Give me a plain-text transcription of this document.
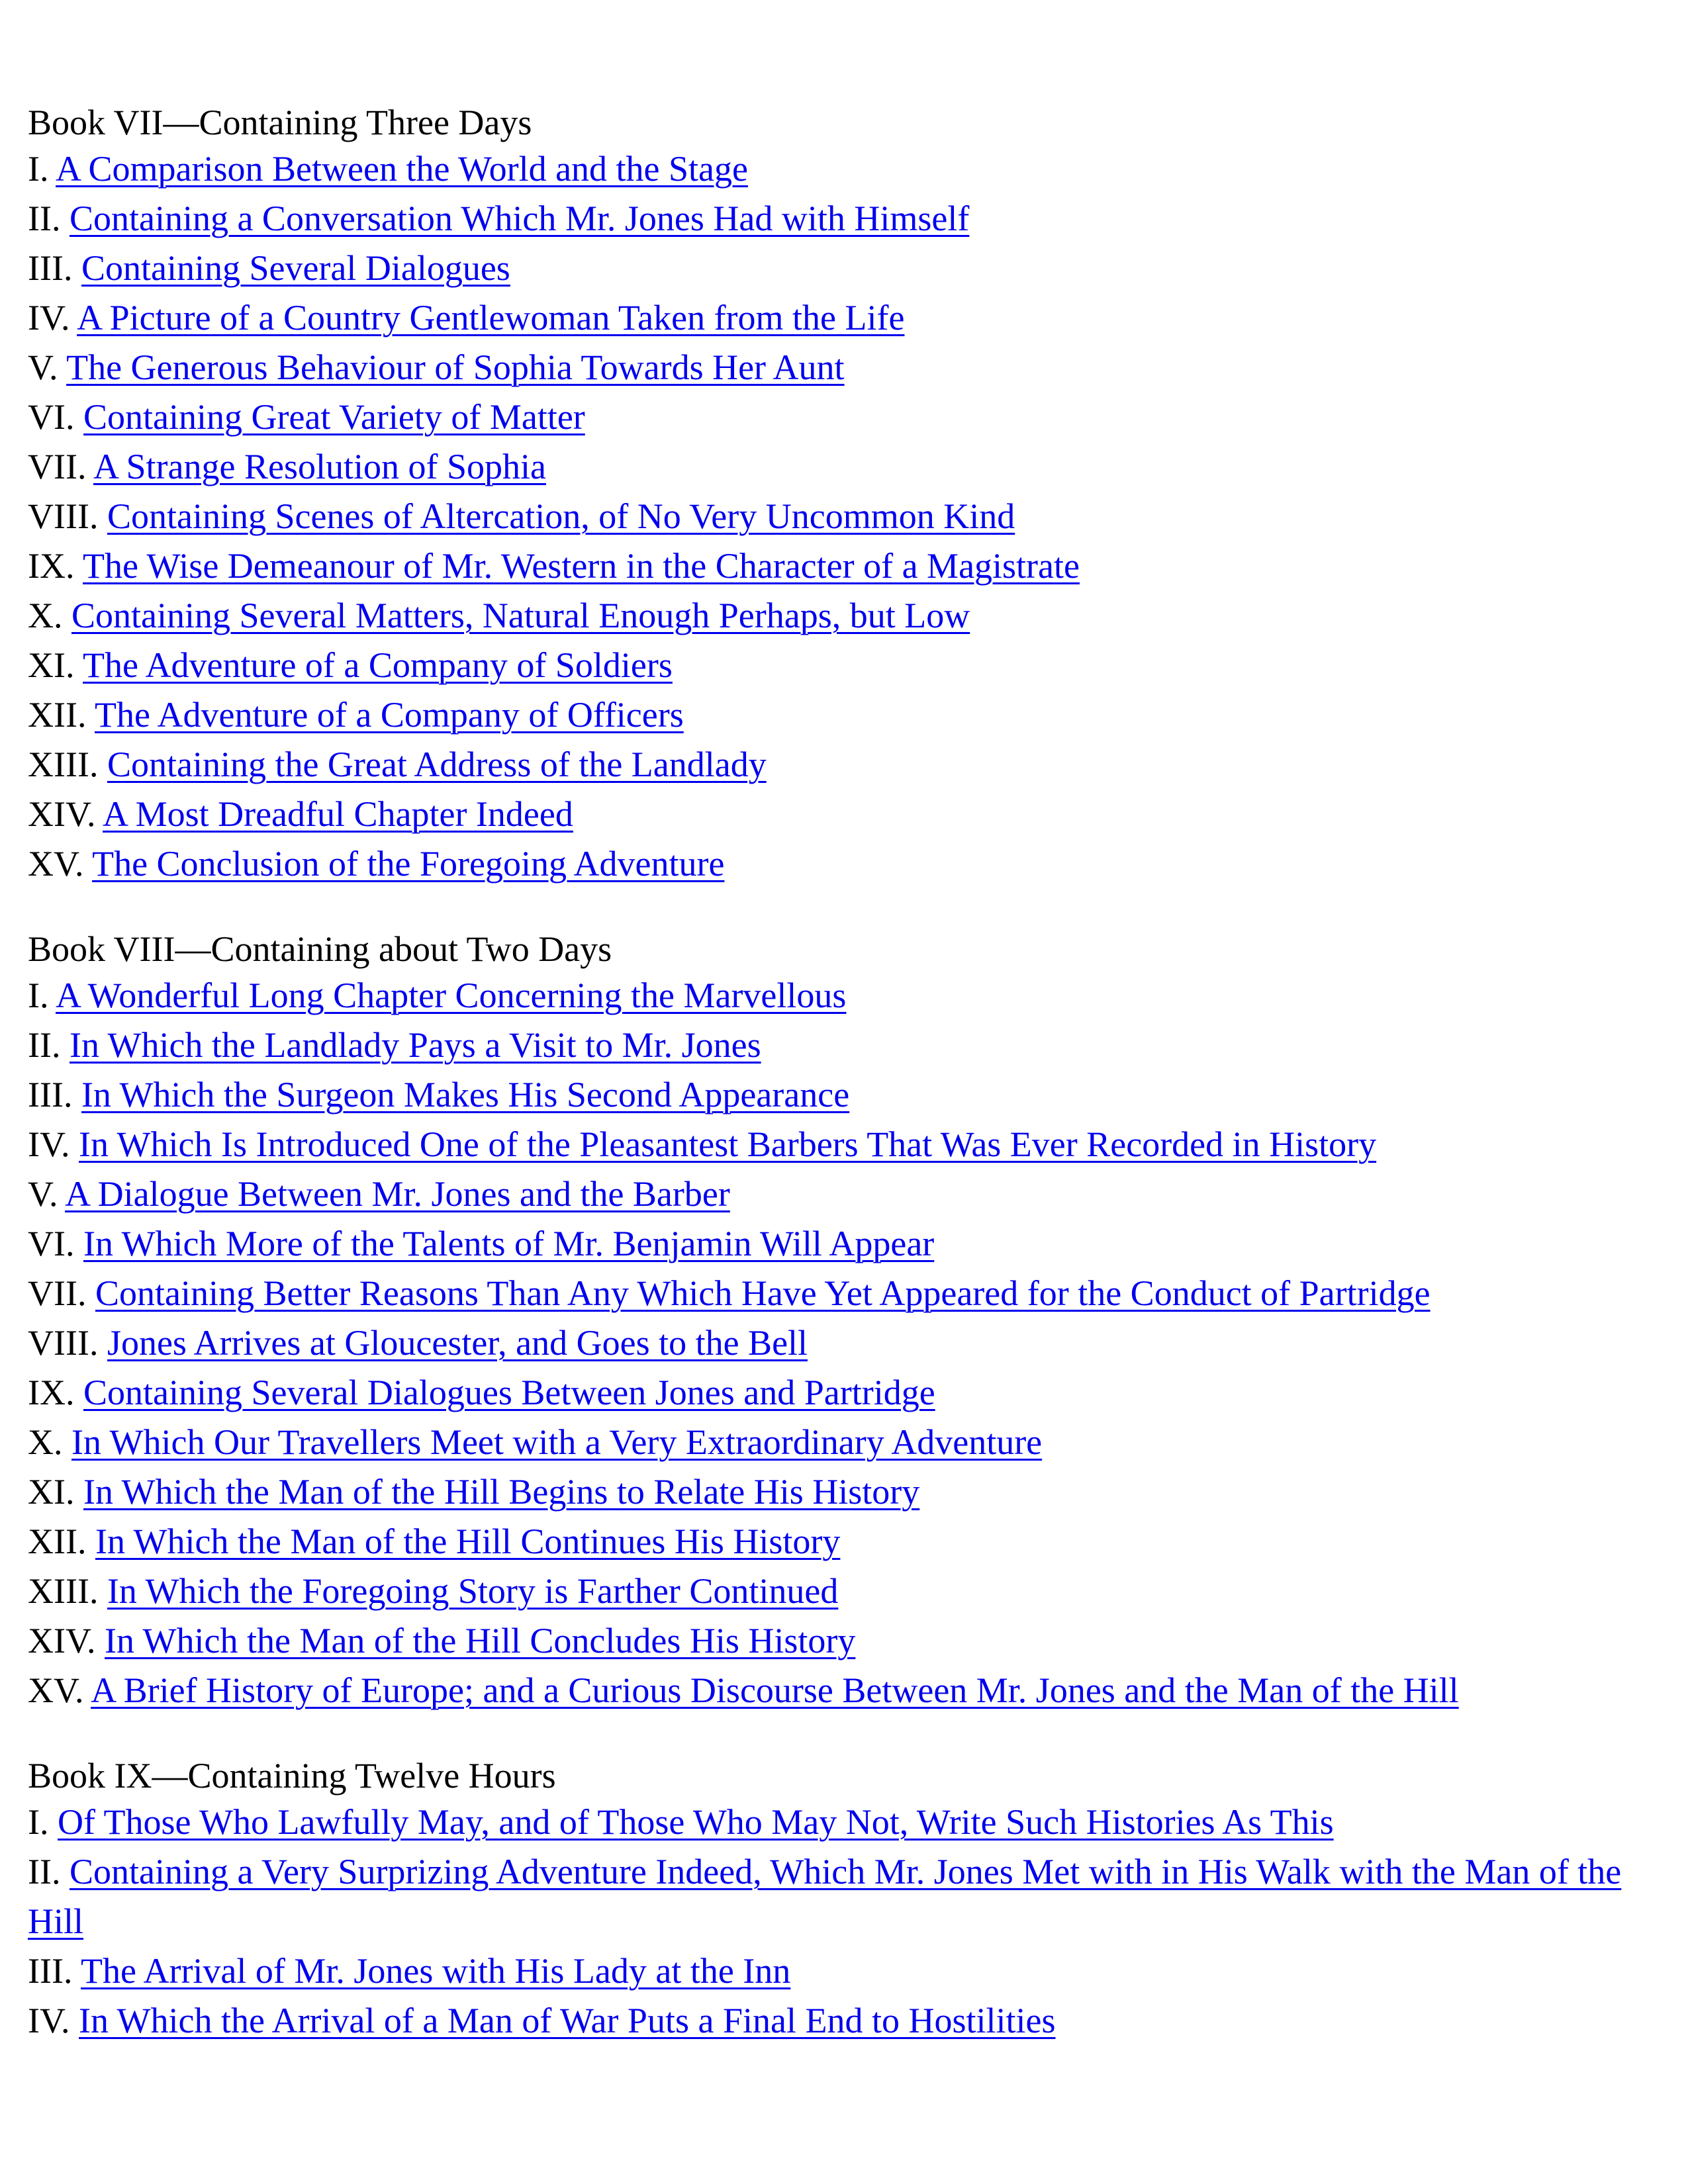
Book VII—Containing Three Days
I. A Comparison Between the World and the Stage
II. Containing a Conversation Which Mr. Jones Had with Himself
III. Containing Several Dialogues
IV. A Picture of a Country Gentlewoman Taken from the Life
V. The Generous Behaviour of Sophia Towards Her Aunt
VI. Containing Great Variety of Matter
VII. A Strange Resolution of Sophia
VIII. Containing Scenes of Altercation, of No Very Uncommon Kind
IX. The Wise Demeanour of Mr. Western in the Character of a Magistrate
X. Containing Several Matters, Natural Enough Perhaps, but Low
XI. The Adventure of a Company of Soldiers
XII. The Adventure of a Company of Officers
XIII. Containing the Great Address of the Landlady
XIV. A Most Dreadful Chapter Indeed
XV. The Conclusion of the Foregoing Adventure
Book VIII—Containing about Two Days
I. A Wonderful Long Chapter Concerning the Marvellous
II. In Which the Landlady Pays a Visit to Mr. Jones
III. In Which the Surgeon Makes His Second Appearance
IV. In Which Is Introduced One of the Pleasantest Barbers That Was Ever Recorded in History
V. A Dialogue Between Mr. Jones and the Barber
VI. In Which More of the Talents of Mr. Benjamin Will Appear
VII. Containing Better Reasons Than Any Which Have Yet Appeared for the Conduct of Partridge
VIII. Jones Arrives at Gloucester, and Goes to the Bell
IX. Containing Several Dialogues Between Jones and Partridge
X. In Which Our Travellers Meet with a Very Extraordinary Adventure
XI. In Which the Man of the Hill Begins to Relate His History
XII. In Which the Man of the Hill Continues His History
XIII. In Which the Foregoing Story is Farther Continued
XIV. In Which the Man of the Hill Concludes His History
XV. A Brief History of Europe; and a Curious Discourse Between Mr. Jones and the Man of the Hill
Book IX—Containing Twelve Hours
I. Of Those Who Lawfully May, and of Those Who May Not, Write Such Histories As This
II. Containing a Very Surprizing Adventure Indeed, Which Mr. Jones Met with in His Walk with the Man of the Hill
III. The Arrival of Mr. Jones with His Lady at the Inn
IV. In Which the Arrival of a Man of War Puts a Final End to Hostilities
